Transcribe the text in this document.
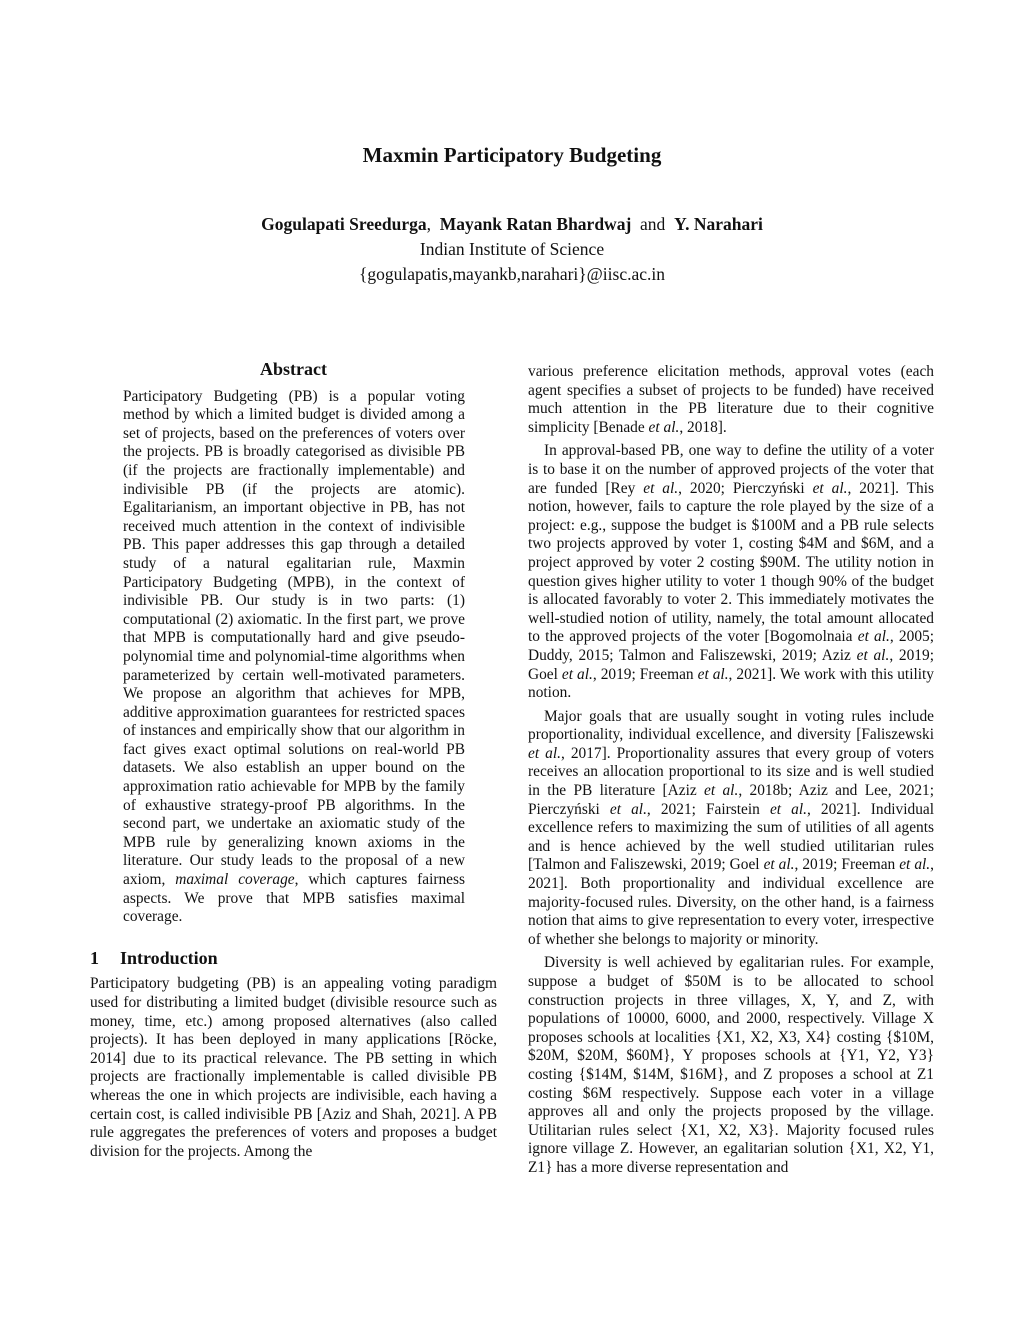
Maxmin Participatory Budgeting
Gogulapati Sreedurga, Mayank Ratan Bhardwaj and Y. Narahari
Indian Institute of Science
{gogulapatis,mayankb,narahari}@iisc.ac.in
Abstract
Participatory Budgeting (PB) is a popular voting method by which a limited budget is divided among a set of projects, based on the preferences of voters over the projects. PB is broadly categorised as divisible PB (if the projects are fractionally implementable) and indivisible PB (if the projects are atomic). Egalitarianism, an important objective in PB, has not received much attention in the context of indivisible PB. This paper addresses this gap through a detailed study of a natural egalitarian rule, Maxmin Participatory Budgeting (MPB), in the context of indivisible PB. Our study is in two parts: (1) computational (2) axiomatic. In the first part, we prove that MPB is computationally hard and give pseudo-polynomial time and polynomial-time algorithms when parameterized by certain well-motivated parameters. We propose an algorithm that achieves for MPB, additive approximation guarantees for restricted spaces of instances and empirically show that our algorithm in fact gives exact optimal solutions on real-world PB datasets. We also establish an upper bound on the approximation ratio achievable for MPB by the family of exhaustive strategy-proof PB algorithms. In the second part, we undertake an axiomatic study of the MPB rule by generalizing known axioms in the literature. Our study leads to the proposal of a new axiom, maximal coverage, which captures fairness aspects. We prove that MPB satisfies maximal coverage.
1 Introduction

Participatory budgeting (PB) is an appealing voting paradigm used for distributing a limited budget (divisible resource such as money, time, etc.) among proposed alternatives (also called projects). It has been deployed in many applications [Röcke, 2014] due to its practical relevance. The PB setting in which projects are fractionally implementable is called divisible PB whereas the one in which projects are indivisible, each having a certain cost, is called indivisible PB [Aziz and Shah, 2021]. A PB rule aggregates the preferences of voters and proposes a budget division for the projects. Among the

various preference elicitation methods, approval votes (each agent specifies a subset of projects to be funded) have received much attention in the PB literature due to their cognitive simplicity [Benade et al., 2018].

In approval-based PB, one way to define the utility of a voter is to base it on the number of approved projects of the voter that are funded [Rey et al., 2020; Pierczyński et al., 2021]. This notion, however, fails to capture the role played by the size of a project: e.g., suppose the budget is $100M and a PB rule selects two projects approved by voter 1, costing $4M and $6M, and a project approved by voter 2 costing $90M. The utility notion in question gives higher utility to voter 1 though 90% of the budget is allocated favorably to voter 2. This immediately motivates the well-studied notion of utility, namely, the total amount allocated to the approved projects of the voter [Bogomolnaia et al., 2005; Duddy, 2015; Talmon and Faliszewski, 2019; Aziz et al., 2019; Goel et al., 2019; Freeman et al., 2021]. We work with this utility notion.

Major goals that are usually sought in voting rules include proportionality, individual excellence, and diversity [Faliszewski et al., 2017]. Proportionality assures that every group of voters receives an allocation proportional to its size and is well studied in the PB literature [Aziz et al., 2018b; Aziz and Lee, 2021; Pierczyński et al., 2021; Fairstein et al., 2021]. Individual excellence refers to maximizing the sum of utilities of all agents and is hence achieved by the well studied utilitarian rules [Talmon and Faliszewski, 2019; Goel et al., 2019; Freeman et al., 2021]. Both proportionality and individual excellence are majority-focused rules. Diversity, on the other hand, is a fairness notion that aims to give representation to every voter, irrespective of whether she belongs to majority or minority.

Diversity is well achieved by egalitarian rules. For example, suppose a budget of $50M is to be allocated to school construction projects in three villages, X, Y, and Z, with populations of 10000, 6000, and 2000, respectively. Village X proposes schools at localities {X1, X2, X3, X4} costing {$10M, $20M, $20M, $60M}, Y proposes schools at {Y1, Y2, Y3} costing {$14M, $14M, $16M}, and Z proposes a school at Z1 costing $6M respectively. Suppose each voter in a village approves all and only the projects proposed by the village. Utilitarian rules select {X1, X2, X3}. Majority focused rules ignore village Z. However, an egalitarian solution {X1, X2, Y1, Z1} has a more diverse representation and
